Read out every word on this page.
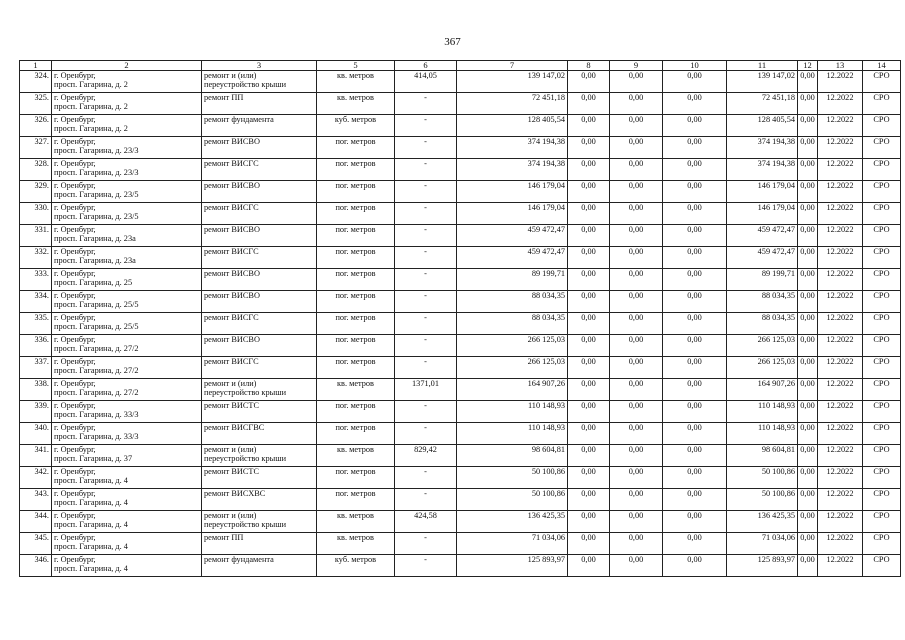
367
1	2	3	5	6	7	8	9	10	11	12	13	14
324.	г. Оренбург,
просп. Гагарина, д. 2	ремонт и (или)
переустройство крыши	кв. метров	414,05	139 147,02	0,00	0,00	0,00	139 147,02	0,00	12.2022	СРО
325.	г. Оренбург,
просп. Гагарина, д. 2	ремонт ПП	кв. метров	-	72 451,18	0,00	0,00	0,00	72 451,18	0,00	12.2022	СРО
326.	г. Оренбург,
просп. Гагарина, д. 2	ремонт фундамента	куб. метров	-	128 405,54	0,00	0,00	0,00	128 405,54	0,00	12.2022	СРО
327.	г. Оренбург,
просп. Гагарина, д. 23/3	ремонт ВИСВО	пог. метров	-	374 194,38	0,00	0,00	0,00	374 194,38	0,00	12.2022	СРО
328.	г. Оренбург,
просп. Гагарина, д. 23/3	ремонт ВИСГС	пог. метров	-	374 194,38	0,00	0,00	0,00	374 194,38	0,00	12.2022	СРО
329.	г. Оренбург,
просп. Гагарина, д. 23/5	ремонт ВИСВО	пог. метров	-	146 179,04	0,00	0,00	0,00	146 179,04	0,00	12.2022	СРО
330.	г. Оренбург,
просп. Гагарина, д. 23/5	ремонт ВИСГС	пог. метров	-	146 179,04	0,00	0,00	0,00	146 179,04	0,00	12.2022	СРО
331.	г. Оренбург,
просп. Гагарина, д. 23а	ремонт ВИСВО	пог. метров	-	459 472,47	0,00	0,00	0,00	459 472,47	0,00	12.2022	СРО
332.	г. Оренбург,
просп. Гагарина, д. 23а	ремонт ВИСГС	пог. метров	-	459 472,47	0,00	0,00	0,00	459 472,47	0,00	12.2022	СРО
333.	г. Оренбург,
просп. Гагарина, д. 25	ремонт ВИСВО	пог. метров	-	89 199,71	0,00	0,00	0,00	89 199,71	0,00	12.2022	СРО
334.	г. Оренбург,
просп. Гагарина, д. 25/5	ремонт ВИСВО	пог. метров	-	88 034,35	0,00	0,00	0,00	88 034,35	0,00	12.2022	СРО
335.	г. Оренбург,
просп. Гагарина, д. 25/5	ремонт ВИСГС	пог. метров	-	88 034,35	0,00	0,00	0,00	88 034,35	0,00	12.2022	СРО
336.	г. Оренбург,
просп. Гагарина, д. 27/2	ремонт ВИСВО	пог. метров	-	266 125,03	0,00	0,00	0,00	266 125,03	0,00	12.2022	СРО
337.	г. Оренбург,
просп. Гагарина, д. 27/2	ремонт ВИСГС	пог. метров	-	266 125,03	0,00	0,00	0,00	266 125,03	0,00	12.2022	СРО
338.	г. Оренбург,
просп. Гагарина, д. 27/2	ремонт и (или)
переустройство крыши	кв. метров	1371,01	164 907,26	0,00	0,00	0,00	164 907,26	0,00	12.2022	СРО
339.	г. Оренбург,
просп. Гагарина, д. 33/3	ремонт ВИСТС	пог. метров	-	110 148,93	0,00	0,00	0,00	110 148,93	0,00	12.2022	СРО
340.	г. Оренбург,
просп. Гагарина, д. 33/3	ремонт ВИСГВС	пог. метров	-	110 148,93	0,00	0,00	0,00	110 148,93	0,00	12.2022	СРО
341.	г. Оренбург,
просп. Гагарина, д. 37	ремонт и (или)
переустройство крыши	кв. метров	829,42	98 604,81	0,00	0,00	0,00	98 604,81	0,00	12.2022	СРО
342.	г. Оренбург,
просп. Гагарина, д. 4	ремонт ВИСТС	пог. метров	-	50 100,86	0,00	0,00	0,00	50 100,86	0,00	12.2022	СРО
343.	г. Оренбург,
просп. Гагарина, д. 4	ремонт ВИСХВС	пог. метров	-	50 100,86	0,00	0,00	0,00	50 100,86	0,00	12.2022	СРО
344.	г. Оренбург,
просп. Гагарина, д. 4	ремонт и (или)
переустройство крыши	кв. метров	424,58	136 425,35	0,00	0,00	0,00	136 425,35	0,00	12.2022	СРО
345.	г. Оренбург,
просп. Гагарина, д. 4	ремонт ПП	кв. метров	-	71 034,06	0,00	0,00	0,00	71 034,06	0,00	12.2022	СРО
346.	г. Оренбург,
просп. Гагарина, д. 4	ремонт фундамента	куб. метров	-	125 893,97	0,00	0,00	0,00	125 893,97	0,00	12.2022	СРО
